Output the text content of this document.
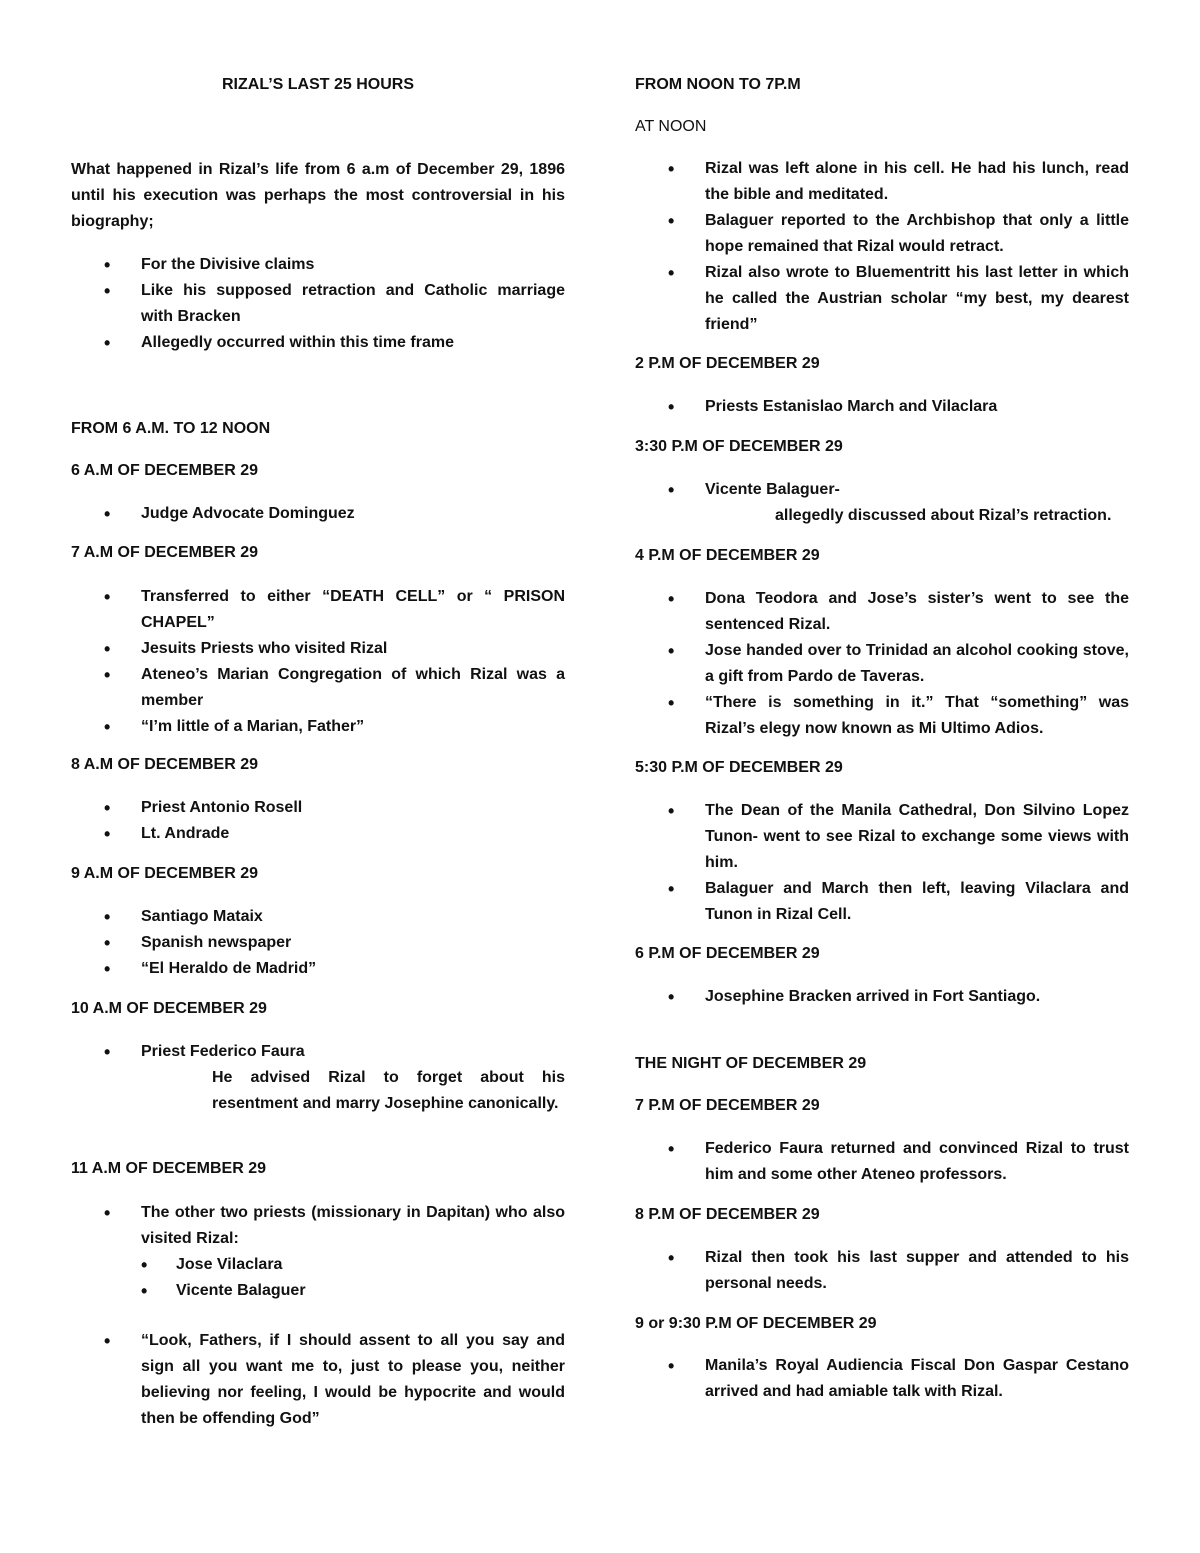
RIZAL’S LAST 25 HOURS
What happened in Rizal’s life from 6 a.m of December 29, 1896 until his execution was perhaps the most controversial in his biography;
• For the Divisive claims
• Like his supposed retraction and Catholic marriage with Bracken
• Allegedly occurred within this time frame
FROM 6 A.M. TO 12 NOON
6 A.M OF DECEMBER 29
• Judge Advocate Dominguez
7 A.M OF DECEMBER 29
• Transferred to either “DEATH CELL” or “ PRISON CHAPEL”
• Jesuits Priests who visited Rizal
• Ateneo’s Marian Congregation of which Rizal was a member
• “I’m little of a Marian, Father”
8 A.M OF DECEMBER 29
• Priest Antonio Rosell
• Lt. Andrade
9 A.M OF DECEMBER 29
• Santiago Mataix
• Spanish newspaper
• “El Heraldo de Madrid”
10 A.M OF DECEMBER 29
• Priest Federico Faura
He advised Rizal to forget about his resentment and marry Josephine canonically.
11 A.M OF DECEMBER 29
• The other two priests (missionary in Dapitan) who also visited Rizal:
• Jose Vilaclara
• Vicente Balaguer
• “Look, Fathers, if I should assent to all you say and sign all you want me to, just to please you, neither believing nor feeling, I would be hypocrite and would then be offending God”
FROM NOON TO 7P.M
AT NOON
• Rizal was left alone in his cell. He had his lunch, read the bible and meditated.
• Balaguer reported to the Archbishop that only a little hope remained that Rizal would retract.
• Rizal also wrote to Bluementritt his last letter in which he called the Austrian scholar “my best, my dearest friend”
2 P.M OF DECEMBER 29
• Priests Estanislao March and Vilaclara
3:30 P.M OF DECEMBER 29
• Vicente Balaguer-
allegedly discussed about Rizal’s retraction.
4 P.M OF DECEMBER 29
• Dona Teodora and Jose’s sister’s went to see the sentenced Rizal.
• Jose handed over to Trinidad an alcohol cooking stove, a gift from Pardo de Taveras.
• “There is something in it.” That “something” was Rizal’s elegy now known as Mi Ultimo Adios.
5:30 P.M OF DECEMBER 29
• The Dean of the Manila Cathedral, Don Silvino Lopez Tunon- went to see Rizal to exchange some views with him.
• Balaguer and March then left, leaving Vilaclara and Tunon in Rizal Cell.
6 P.M OF DECEMBER 29
• Josephine Bracken arrived in Fort Santiago.
THE NIGHT OF DECEMBER 29
7 P.M OF DECEMBER 29
• Federico Faura returned and convinced Rizal to trust him and some other Ateneo professors.
8 P.M OF DECEMBER 29
• Rizal then took his last supper and attended to his personal needs.
9 or 9:30 P.M OF DECEMBER 29
• Manila’s Royal Audiencia Fiscal Don Gaspar Cestano arrived and had amiable talk with Rizal.
